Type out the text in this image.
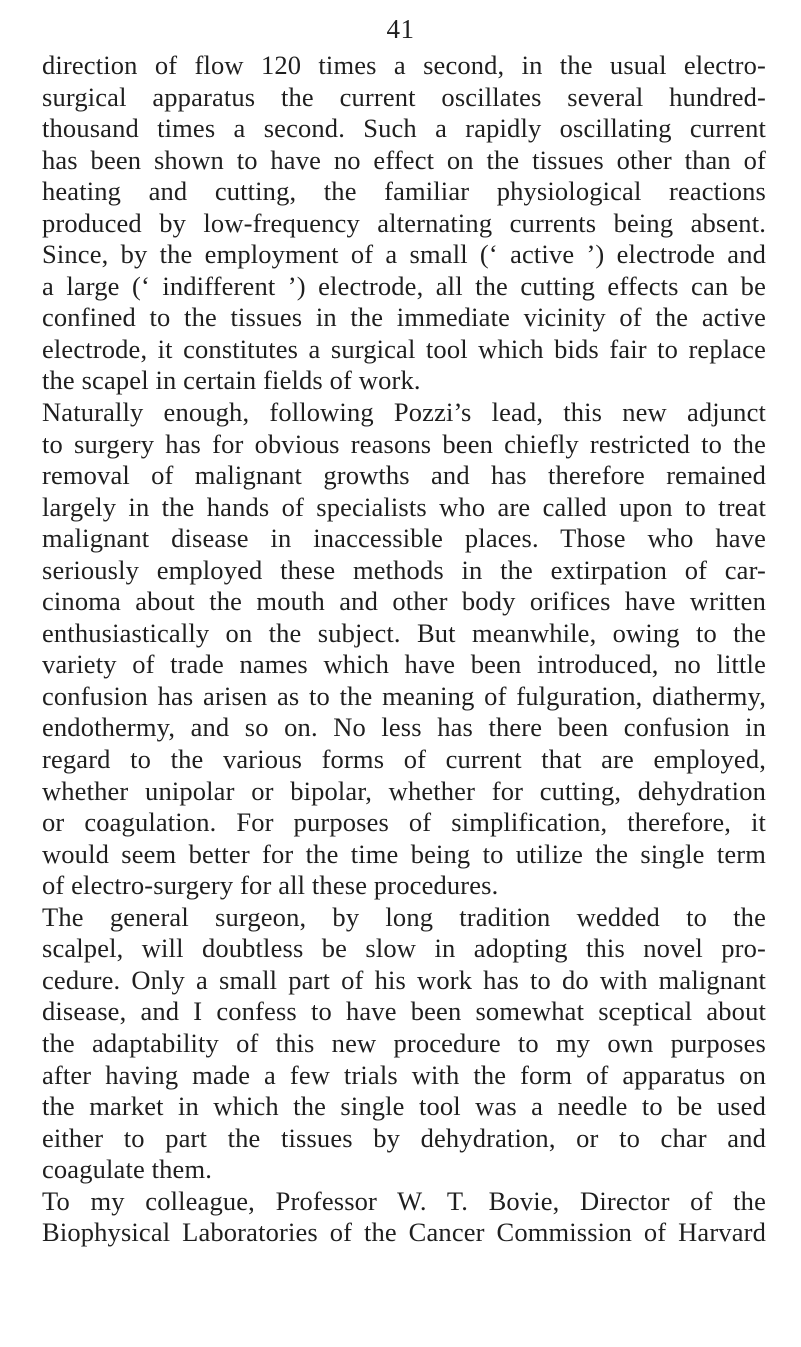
41
direction of flow 120 times a second, in the usual electro-
surgical apparatus the current oscillates several hundred-
thousand times a second. Such a rapidly oscillating current
has been shown to have no effect on the tissues other than of
heating and cutting, the familiar physiological reactions
produced by low-frequency alternating currents being absent.
Since, by the employment of a small (‘ active ’) electrode and
a large (‘ indifferent ’) electrode, all the cutting effects can be
confined to the tissues in the immediate vicinity of the active
electrode, it constitutes a surgical tool which bids fair to replace
the scapel in certain fields of work.
Naturally enough, following Pozzi’s lead, this new adjunct
to surgery has for obvious reasons been chiefly restricted to the
removal of malignant growths and has therefore remained
largely in the hands of specialists who are called upon to treat
malignant disease in inaccessible places. Those who have
seriously employed these methods in the extirpation of car-
cinoma about the mouth and other body orifices have written
enthusiastically on the subject. But meanwhile, owing to the
variety of trade names which have been introduced, no little
confusion has arisen as to the meaning of fulguration, diathermy,
endothermy, and so on. No less has there been confusion in
regard to the various forms of current that are employed,
whether unipolar or bipolar, whether for cutting, dehydration
or coagulation. For purposes of simplification, therefore, it
would seem better for the time being to utilize the single term
of electro-surgery for all these procedures.
The general surgeon, by long tradition wedded to the
scalpel, will doubtless be slow in adopting this novel pro-
cedure. Only a small part of his work has to do with malignant
disease, and I confess to have been somewhat sceptical about
the adaptability of this new procedure to my own purposes
after having made a few trials with the form of apparatus on
the market in which the single tool was a needle to be used
either to part the tissues by dehydration, or to char and
coagulate them.
To my colleague, Professor W. T. Bovie, Director of the
Biophysical Laboratories of the Cancer Commission of Harvard
